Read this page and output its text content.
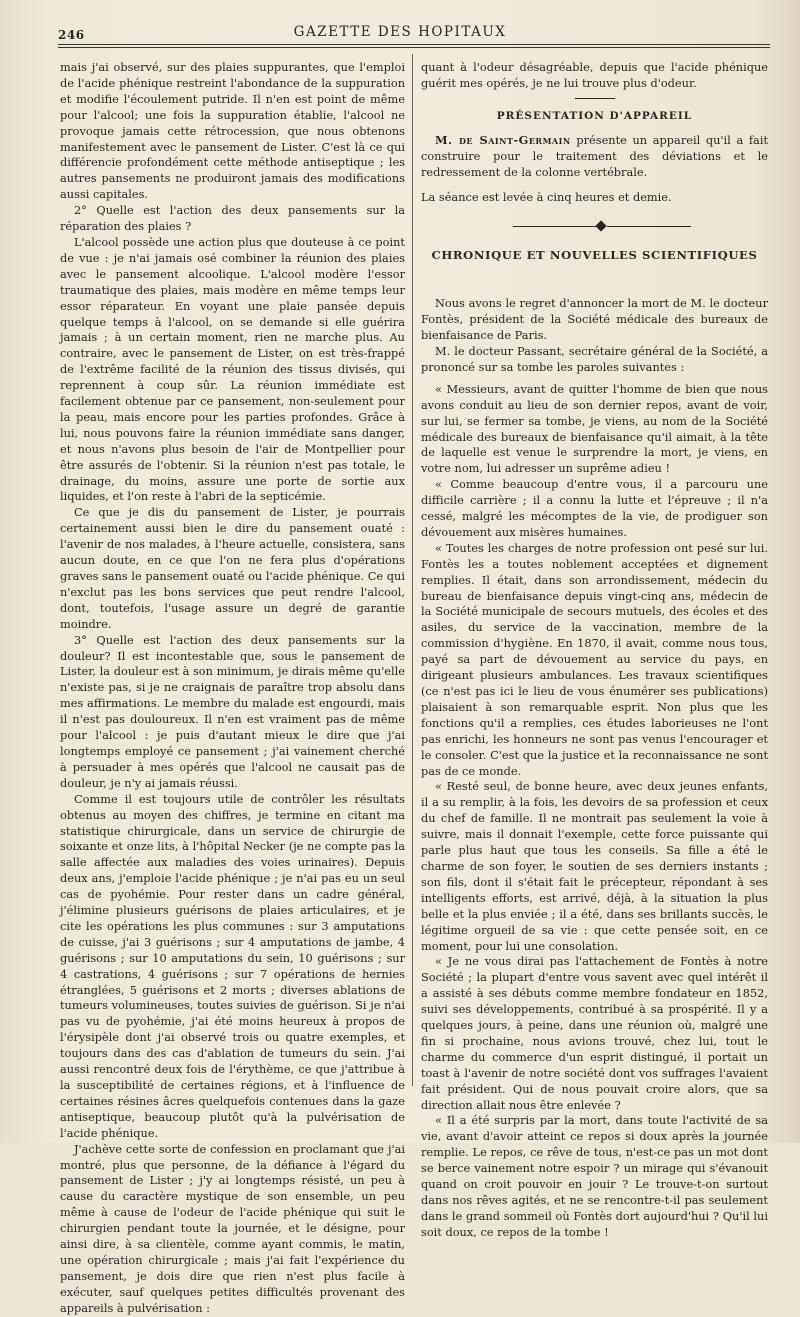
246	GAZETTE DES HOPITAUX

mais j'ai observé, sur des plaies suppurantes, que l'emploi de l'acide phénique restreint l'abondance de la suppuration et modifie l'écoulement putride. Il n'en est point de même pour l'alcool; une fois la suppuration établie, l'alcool ne provoque jamais cette rétrocession, que nous obtenons manifestement avec le pansement de Lister. C'est là ce qui différencie profondément cette méthode antiseptique ; les autres pansements ne produiront jamais des modifications aussi capitales.

2° Quelle est l'action des deux pansements sur la réparation des plaies ?

L'alcool possède une action plus que douteuse à ce point de vue : je n'ai jamais osé combiner la réunion des plaies avec le pansement alcoolique. L'alcool modère l'essor traumatique des plaies, mais modère en même temps leur essor réparateur. En voyant une plaie pansée depuis quelque temps à l'alcool, on se demande si elle guérira jamais ; à un certain moment, rien ne marche plus. Au contraire, avec le pansement de Lister, on est très-frappé de l'extrême facilité de la réunion des tissus divisés, qui reprennent à coup sûr. La réunion immédiate est facilement obtenue par ce pansement, non-seulement pour la peau, mais encore pour les parties profondes. Grâce à lui, nous pouvons faire la réunion immédiate sans danger, et nous n'avons plus besoin de l'air de Montpellier pour être assurés de l'obtenir. Si la réunion n'est pas totale, le drainage, du moins, assure une porte de sortie aux liquides, et l'on reste à l'abri de la septicémie.

Ce que je dis du pansement de Lister, je pourrais certainement aussi bien le dire du pansement ouaté : l'avenir de nos malades, à l'heure actuelle, consistera, sans aucun doute, en ce que l'on ne fera plus d'opérations graves sans le pansement ouaté ou l'acide phénique. Ce qui n'exclut pas les bons services que peut rendre l'alcool, dont, toutefois, l'usage assure un degré de garantie moindre.

3° Quelle est l'action des deux pansements sur la douleur? Il est incontestable que, sous le pansement de Lister, la douleur est à son minimum, je dirais même qu'elle n'existe pas, si je ne craignais de paraître trop absolu dans mes affirmations. Le membre du malade est engourdi, mais il n'est pas douloureux. Il n'en est vraiment pas de même pour l'alcool : je puis d'autant mieux le dire que j'ai longtemps employé ce pansement ; j'ai vainement cherché à persuader à mes opérés que l'alcool ne causait pas de douleur, je n'y ai jamais réussi.

Comme il est toujours utile de contrôler les résultats obtenus au moyen des chiffres, je termine en citant ma statistique chirurgicale, dans un service de chirurgie de soixante et onze lits, à l'hôpital Necker (je ne compte pas la salle affectée aux maladies des voies urinaires). Depuis deux ans, j'emploie l'acide phénique ; je n'ai pas eu un seul cas de pyohémie. Pour rester dans un cadre général, j'élimine plusieurs guérisons de plaies articulaires, et je cite les opérations les plus communes : sur 3 amputations de cuisse, j'ai 3 guérisons ; sur 4 amputations de jambe, 4 guérisons ; sur 10 amputations du sein, 10 guérisons ; sur 4 castrations, 4 guérisons ; sur 7 opérations de hernies étranglées, 5 guérisons et 2 morts ; diverses ablations de tumeurs volumineuses, toutes suivies de guérison. Si je n'ai pas vu de pyohémie, j'ai été moins heureux à propos de l'érysipèle dont j'ai observé trois ou quatre exemples, et toujours dans des cas d'ablation de tumeurs du sein. J'ai aussi rencontré deux fois de l'érythème, ce que j'attribue à la susceptibilité de certaines régions, et à l'influence de certaines résines âcres quelquefois contenues dans la gaze antiseptique, beaucoup plutôt qu'à la pulvérisation de l'acide phénique.

J'achève cette sorte de confession en proclamant que j'ai montré, plus que personne, de la défiance à l'égard du pansement de Lister ; j'y ai longtemps résisté, un peu à cause du caractère mystique de son ensemble, un peu même à cause de l'odeur de l'acide phénique qui suit le chirurgien pendant toute la journée, et le désigne, pour ainsi dire, à sa clientèle, comme ayant commis, le matin, une opération chirurgicale ; mais j'ai fait l'expérience du pansement, je dois dire que rien n'est plus facile à exécuter, sauf quelques petites difficultés provenant des appareils à pulvérisation :

quant à l'odeur désagréable, depuis que l'acide phénique guérit mes opérés, je ne lui trouve plus d'odeur.

PRÉSENTATION D'APPAREIL

M. de Saint-Germain présente un appareil qu'il a fait construire pour le traitement des déviations et le redressement de la colonne vertébrale.

La séance est levée à cinq heures et demie.

CHRONIQUE ET NOUVELLES SCIENTIFIQUES

Nous avons le regret d'annoncer la mort de M. le docteur Fontès, président de la Société médicale des bureaux de bienfaisance de Paris.

M. le docteur Passant, secrétaire général de la Société, a prononcé sur sa tombe les paroles suivantes :

« Messieurs, avant de quitter l'homme de bien que nous avons conduit au lieu de son dernier repos, avant de voir, sur lui, se fermer sa tombe, je viens, au nom de la Société médicale des bureaux de bienfaisance qu'il aimait, à la tête de laquelle est venue le surprendre la mort, je viens, en votre nom, lui adresser un suprême adieu !

« Comme beaucoup d'entre vous, il a parcouru une difficile carrière ; il a connu la lutte et l'épreuve ; il n'a cessé, malgré les mécomptes de la vie, de prodiguer son dévouement aux misères humaines.

« Toutes les charges de notre profession ont pesé sur lui. Fontès les a toutes noblement acceptées et dignement remplies. Il était, dans son arrondissement, médecin du bureau de bienfaisance depuis vingt-cinq ans, médecin de la Société municipale de secours mutuels, des écoles et des asiles, du service de la vaccination, membre de la commission d'hygiène. En 1870, il avait, comme nous tous, payé sa part de dévouement au service du pays, en dirigeant plusieurs ambulances. Les travaux scientifiques (ce n'est pas ici le lieu de vous énumérer ses publications) plaisaient à son remarquable esprit. Non plus que les fonctions qu'il a remplies, ces études laborieuses ne l'ont pas enrichi, les honneurs ne sont pas venus l'encourager et le consoler. C'est que la justice et la reconnaissance ne sont pas de ce monde.

« Resté seul, de bonne heure, avec deux jeunes enfants, il a su remplir, à la fois, les devoirs de sa profession et ceux du chef de famille. Il ne montrait pas seulement la voie à suivre, mais il donnait l'exemple, cette force puissante qui parle plus haut que tous les conseils. Sa fille a été le charme de son foyer, le soutien de ses derniers instants ; son fils, dont il s'était fait le précepteur, répondant à ses intelligents efforts, est arrivé, déjà, à la situation la plus belle et la plus enviée ; il a été, dans ses brillants succès, le légitime orgueil de sa vie : que cette pensée soit, en ce moment, pour lui une consolation.

« Je ne vous dirai pas l'attachement de Fontès à notre Société ; la plupart d'entre vous savent avec quel intérêt il a assisté à ses débuts comme membre fondateur en 1852, suivi ses développements, contribué à sa prospérité. Il y a quelques jours, à peine, dans une réunion où, malgré une fin si prochaine, nous avions trouvé, chez lui, tout le charme du commerce d'un esprit distingué, il portait un toast à l'avenir de notre société dont vos suffrages l'avaient fait président. Qui de nous pouvait croire alors, que sa direction allait nous être enlevée ?

« Il a été surpris par la mort, dans toute l'activité de sa vie, avant d'avoir atteint ce repos si doux après la journée remplie. Le repos, ce rêve de tous, n'est-ce pas un mot dont se berce vainement notre espoir ? un mirage qui s'évanouit quand on croit pouvoir en jouir ? Le trouve-t-on surtout dans nos rêves agités, et ne se rencontre-t-il pas seulement dans le grand sommeil où Fontès dort aujourd'hui ? Qu'il lui soit doux, ce repos de la tombe !
